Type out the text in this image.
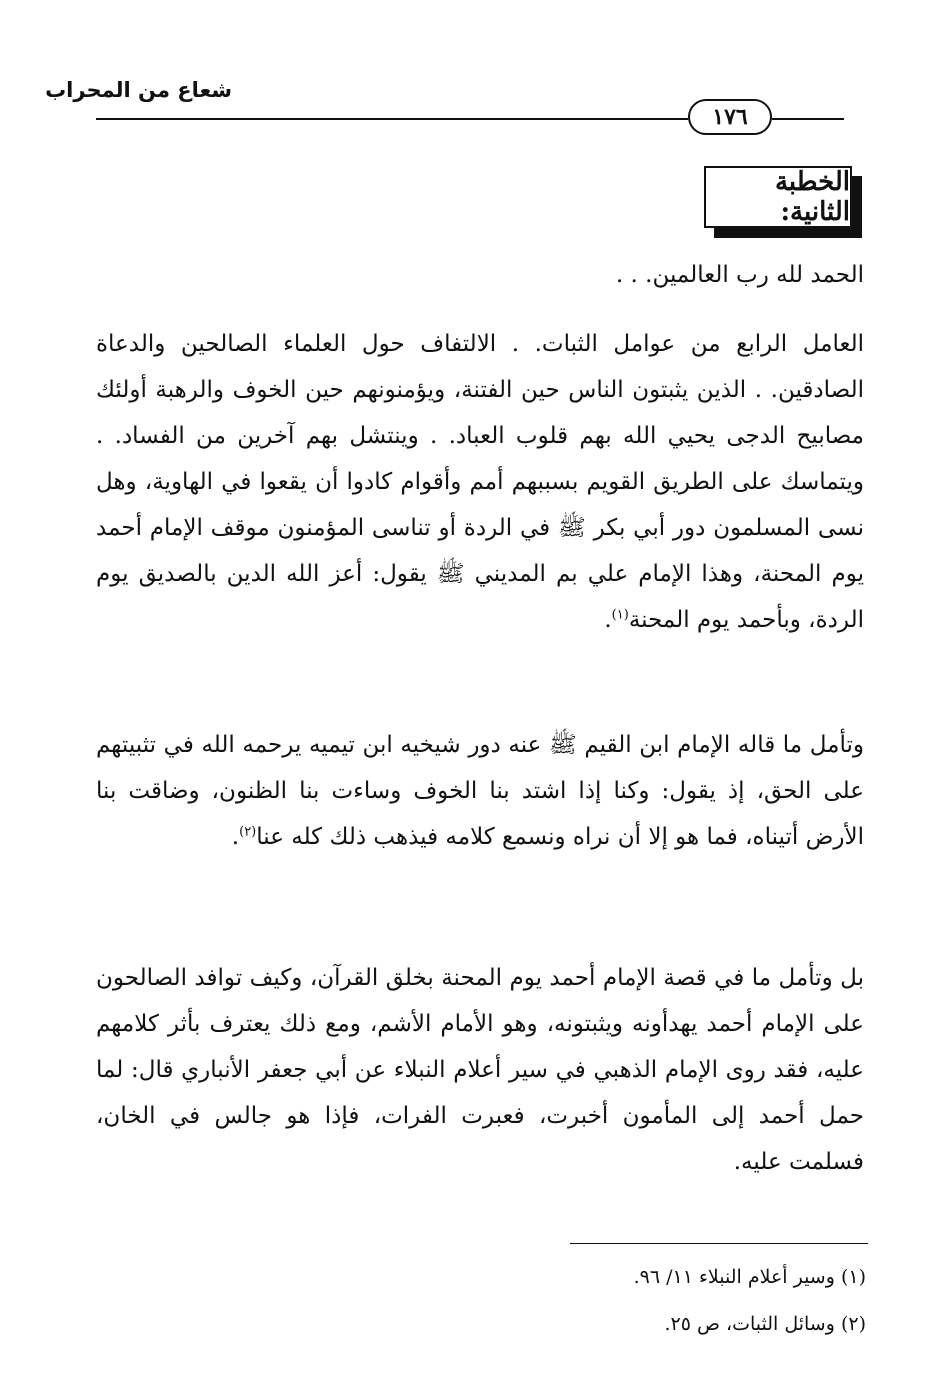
شعاع من المحراب
١٧٦
الخطبة الثانية:
الحمد لله رب العالمين. . .
العامل الرابع من عوامل الثبات. . الالتفاف حول العلماء الصالحين والدعاة الصادقين. . الذين يثبتون الناس حين الفتنة، ويؤمنونهم حين الخوف والرهبة أولئك مصابيح الدجى يحيي الله بهم قلوب العباد. . وينتشل بهم آخرين من الفساد. . ويتماسك على الطريق القويم بسببهم أمم وأقوام كادوا أن يقعوا في الهاوية، وهل نسى المسلمون دور أبي بكر ﷺ في الردة أو تناسى المؤمنون موقف الإمام أحمد يوم المحنة، وهذا الإمام علي بم المديني ﷺ يقول: أعز الله الدين بالصديق يوم الردة، وبأحمد يوم المحنة$^{(١)}$.
وتأمل ما قاله الإمام ابن القيم ﷺ عنه دور شيخيه ابن تيميه يرحمه الله في تثبيتهم على الحق، إذ يقول: وكنا إذا اشتد بنا الخوف وساءت بنا الظنون، وضاقت بنا الأرض أتيناه، فما هو إلا أن نراه ونسمع كلامه فيذهب ذلك كله عنا$^{(٢)}$.
بل وتأمل ما في قصة الإمام أحمد يوم المحنة بخلق القرآن، وكيف توافد الصالحون على الإمام أحمد يهدأونه ويثبتونه، وهو الأمام الأشم، ومع ذلك يعترف بأثر كلامهم عليه، فقد روى الإمام الذهبي في سير أعلام النبلاء عن أبي جعفر الأنباري قال: لما حمل أحمد إلى المأمون أخبرت، فعبرت الفرات، فإذا هو جالس في الخان، فسلمت عليه.
(١) وسير أعلام النبلاء ١١/ ٩٦.
(٢) وسائل الثبات، ص ٢٥.
